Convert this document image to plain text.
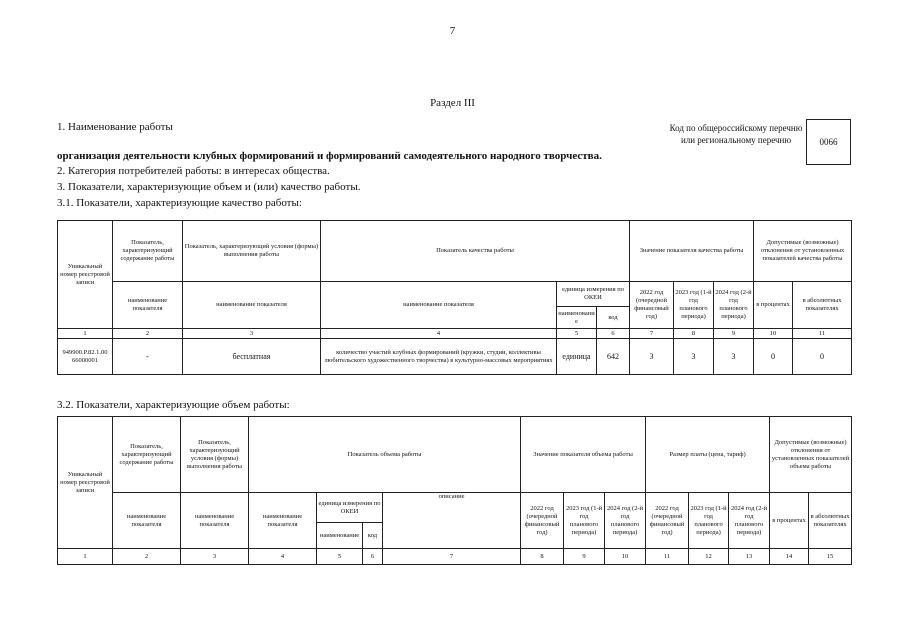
7
Раздел III
1. Наименование работы	Код по общероссийскому перечню или региональному перечню	0066
организация деятельности клубных формирований и формирований самодеятельного народного творчества.
2. Категория потребителей работы: в интересах общества.
3. Показатели, характеризующие объем и (или) качество работы.
3.1. Показатели, характеризующие качество работы:
Уникальный номер реестровой записи	Показатель, характеризующий содержание работы	Показатель, характеризующий условия (формы) выполнения работы	Показатель качества работы			Значение показателя качества работы			Допустимые (возможные) отклонения от установленных показателей качества работы	
	наименование показателя	наименование показателя	наименование показателя	единица измерения по ОКЕИ		2022 год (очередной финансовый год)	2023 год (1-й год планового периода)	2024 год (2-й год планового периода)	в процентах	в абсолютных показателях
				наименование	код					
1	2	3	4	5	6	7	8	9	10	11
949900.Р.82.1.00 66000001	-	бесплатная	количество участий клубных формирований (кружки, студии, коллективы любительского художественного творчества) в культурно-массовых мероприятиях	единица	642	3	3	3	0	0
3.2. Показатели, характеризующие объем работы:
Уникальный номер реестровой записи	Показатель, характеризующий содержание работы	Показатель, характеризующий условия (формы) выполнения работы	Показатель объема работы				Значение показателя объема работы			Размер платы (цена, тариф)			Допустимые (возможные) отклонения от установленных показателей объема работы	
	наименование показателя	наименование показателя	наименование показателя	единица измерения по ОКЕИ		описание	2022 год (очередной финансовый год)	2023 год (1-й год планового периода)	2024 год (2-й год планового периода)	2022 год (очередной финансовый год)	2023 год (1-й год планового периода)	2024 год (2-й год планового периода)	в процентах	в абсолютных показателях
				наименование	код									
1	2	3	4	5	6	7	8	9	10	11	12	13	14	15
